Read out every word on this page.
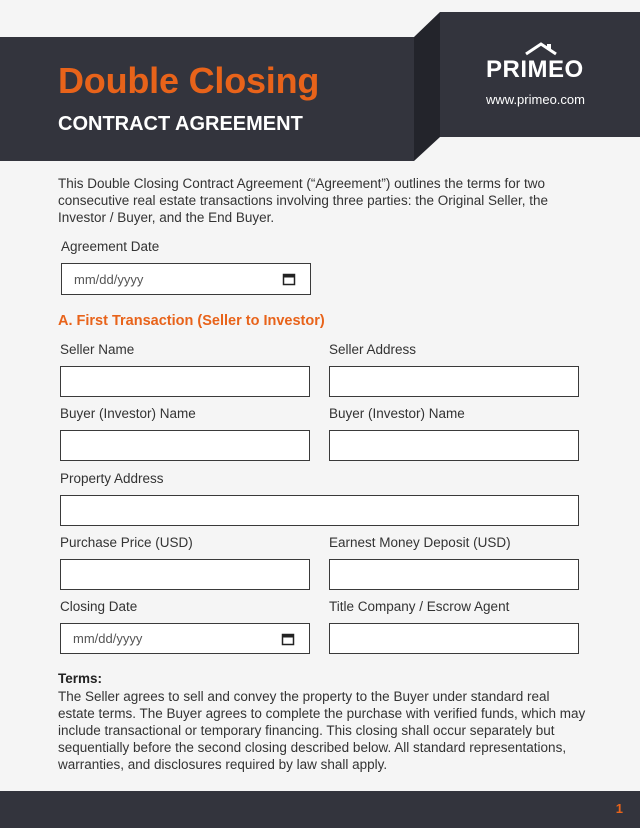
Double Closing
CONTRACT AGREEMENT
PRIMEO
www.primeo.com

This Double Closing Contract Agreement (“Agreement”) outlines the terms for two consecutive real estate transactions involving three parties: the Original Seller, the Investor / Buyer, and the End Buyer.

Agreement Date
mm/dd/yyyy
A. First Transaction (Seller to Investor)
Seller Name	Seller Address
Buyer (Investor) Name	Buyer (Investor) Name
Property Address
Purchase Price (USD)	Earnest Money Deposit (USD)
Closing Date	Title Company / Escrow Agent
mm/dd/yyyy
Terms:

The Seller agrees to sell and convey the property to the Buyer under standard real estate terms. The Buyer agrees to complete the purchase with verified funds, which may include transactional or temporary financing. This closing shall occur separately but sequentially before the second closing described below. All standard representations, warranties, and disclosures required by law shall apply.

1
